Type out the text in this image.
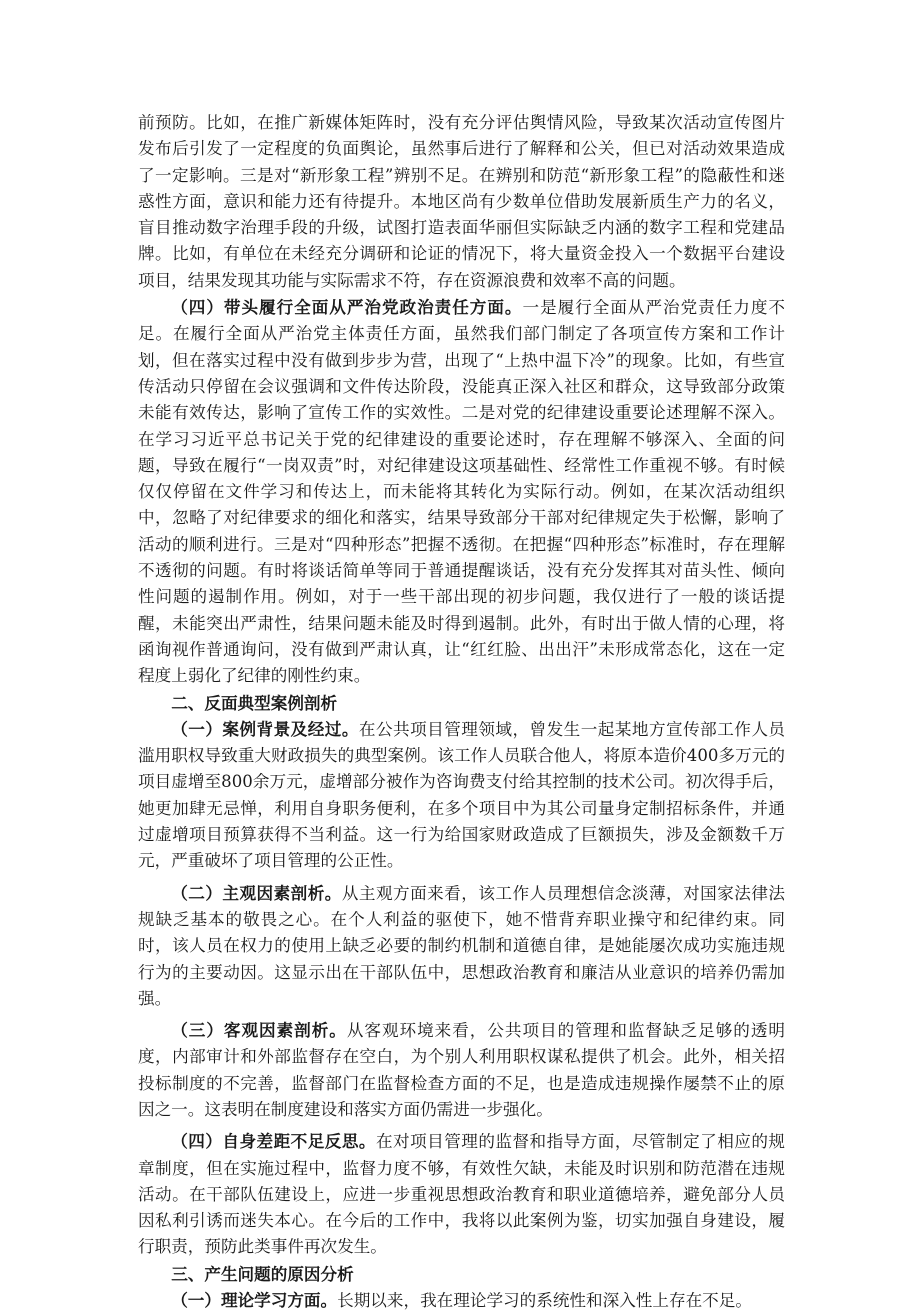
前预防。比如，在推广新媒体矩阵时，没有充分评估舆情风险，导致某次活动宣传图片发布后引发了一定程度的负面舆论，虽然事后进行了解释和公关，但已对活动效果造成了一定影响。三是对“新形象工程”辨别不足。在辨别和防范“新形象工程”的隐蔽性和迷惑性方面，意识和能力还有待提升。本地区尚有少数单位借助发展新质生产力的名义，盲目推动数字治理手段的升级，试图打造表面华丽但实际缺乏内涵的数字工程和党建品牌。比如，有单位在未经充分调研和论证的情况下，将大量资金投入一个数据平台建设项目，结果发现其功能与实际需求不符，存在资源浪费和效率不高的问题。

（四）带头履行全面从严治党政治责任方面。一是履行全面从严治党责任力度不足。在履行全面从严治党主体责任方面，虽然我们部门制定了各项宣传方案和工作计划，但在落实过程中没有做到步步为营，出现了“上热中温下冷”的现象。比如，有些宣传活动只停留在会议强调和文件传达阶段，没能真正深入社区和群众，这导致部分政策未能有效传达，影响了宣传工作的实效性。二是对党的纪律建设重要论述理解不深入。在学习习近平总书记关于党的纪律建设的重要论述时，存在理解不够深入、全面的问题，导致在履行“一岗双责”时，对纪律建设这项基础性、经常性工作重视不够。有时候仅仅停留在文件学习和传达上，而未能将其转化为实际行动。例如，在某次活动组织中，忽略了对纪律要求的细化和落实，结果导致部分干部对纪律规定失于松懈，影响了活动的顺利进行。三是对“四种形态”把握不透彻。在把握“四种形态”标准时，存在理解不透彻的问题。有时将谈话简单等同于普通提醒谈话，没有充分发挥其对苗头性、倾向性问题的遏制作用。例如，对于一些干部出现的初步问题，我仅进行了一般的谈话提醒，未能突出严肃性，结果问题未能及时得到遏制。此外，有时出于做人情的心理，将函询视作普通询问，没有做到严肃认真，让“红红脸、出出汗”未形成常态化，这在一定程度上弱化了纪律的刚性约束。

二、反面典型案例剖析

（一）案例背景及经过。在公共项目管理领域，曾发生一起某地方宣传部工作人员滥用职权导致重大财政损失的典型案例。该工作人员联合他人，将原本造价400多万元的项目虚增至800余万元，虚增部分被作为咨询费支付给其控制的技术公司。初次得手后，她更加肆无忌惮，利用自身职务便利，在多个项目中为其公司量身定制招标条件，并通过虚增项目预算获得不当利益。这一行为给国家财政造成了巨额损失，涉及金额数千万元，严重破坏了项目管理的公正性。

（二）主观因素剖析。从主观方面来看，该工作人员理想信念淡薄，对国家法律法规缺乏基本的敬畏之心。在个人利益的驱使下，她不惜背弃职业操守和纪律约束。同时，该人员在权力的使用上缺乏必要的制约机制和道德自律，是她能屡次成功实施违规行为的主要动因。这显示出在干部队伍中，思想政治教育和廉洁从业意识的培养仍需加强。

（三）客观因素剖析。从客观环境来看，公共项目的管理和监督缺乏足够的透明度，内部审计和外部监督存在空白，为个别人利用职权谋私提供了机会。此外，相关招投标制度的不完善，监督部门在监督检查方面的不足，也是造成违规操作屡禁不止的原因之一。这表明在制度建设和落实方面仍需进一步强化。

（四）自身差距不足反思。在对项目管理的监督和指导方面，尽管制定了相应的规章制度，但在实施过程中，监督力度不够，有效性欠缺，未能及时识别和防范潜在违规活动。在干部队伍建设上，应进一步重视思想政治教育和职业道德培养，避免部分人员因私利引诱而迷失本心。在今后的工作中，我将以此案例为鉴，切实加强自身建设，履行职责，预防此类事件再次发生。

三、产生问题的原因分析

（一）理论学习方面。长期以来，我在理论学习的系统性和深入性上存在不足。
